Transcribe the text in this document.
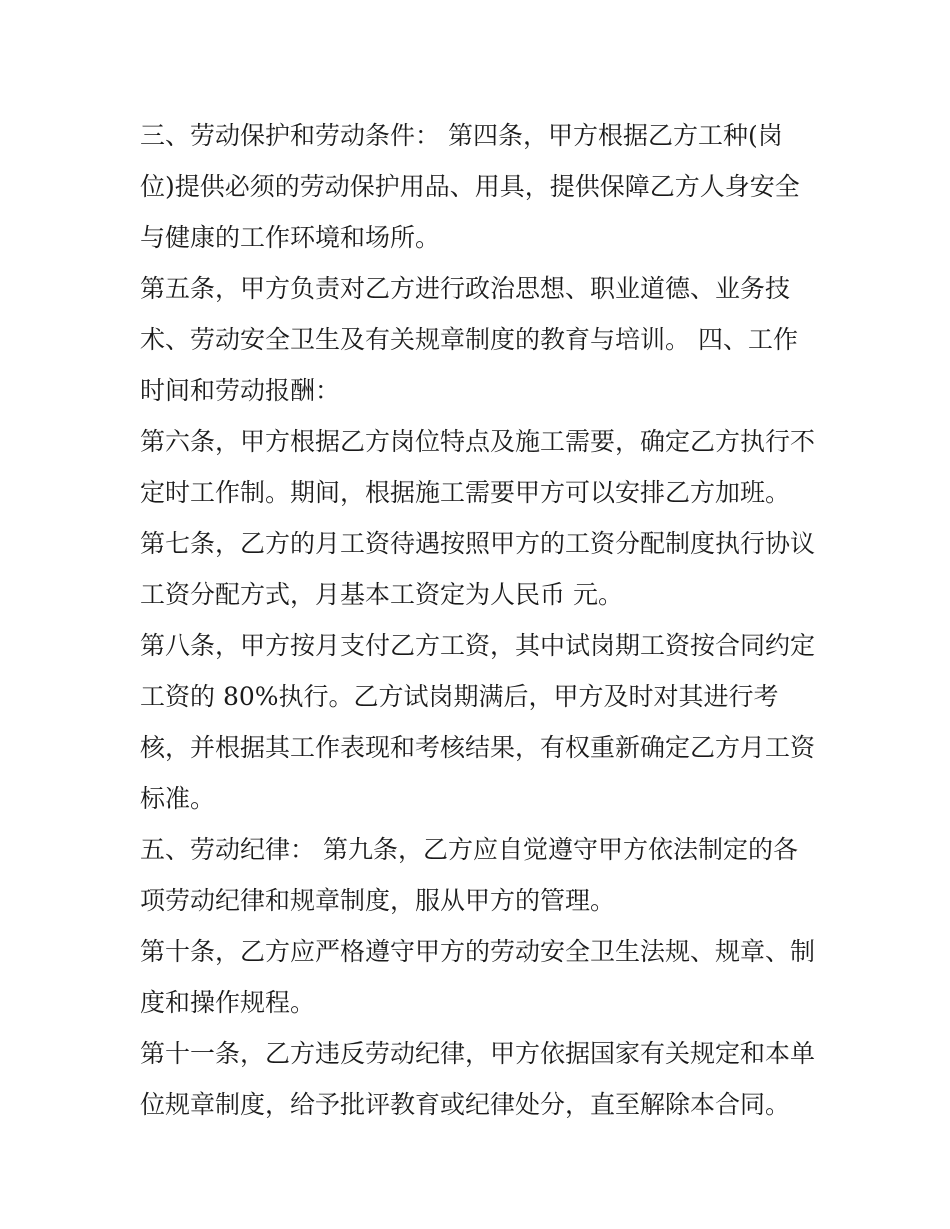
三、劳动保护和劳动条件： 第四条，甲方根据乙方工种(岗
位)提供必须的劳动保护用品、用具，提供保障乙方人身安全
与健康的工作环境和场所。
第五条，甲方负责对乙方进行政治思想、职业道德、业务技
术、劳动安全卫生及有关规章制度的教育与培训。 四、工作
时间和劳动报酬：
第六条，甲方根据乙方岗位特点及施工需要，确定乙方执行不
定时工作制。期间，根据施工需要甲方可以安排乙方加班。
第七条，乙方的月工资待遇按照甲方的工资分配制度执行协议
工资分配方式，月基本工资定为人民币 元。
第八条，甲方按月支付乙方工资，其中试岗期工资按合同约定
工资的 80%执行。乙方试岗期满后，甲方及时对其进行考
核，并根据其工作表现和考核结果，有权重新确定乙方月工资
标准。
五、劳动纪律： 第九条，乙方应自觉遵守甲方依法制定的各
项劳动纪律和规章制度，服从甲方的管理。
第十条，乙方应严格遵守甲方的劳动安全卫生法规、规章、制
度和操作规程。
第十一条，乙方违反劳动纪律，甲方依据国家有关规定和本单
位规章制度，给予批评教育或纪律处分，直至解除本合同。
